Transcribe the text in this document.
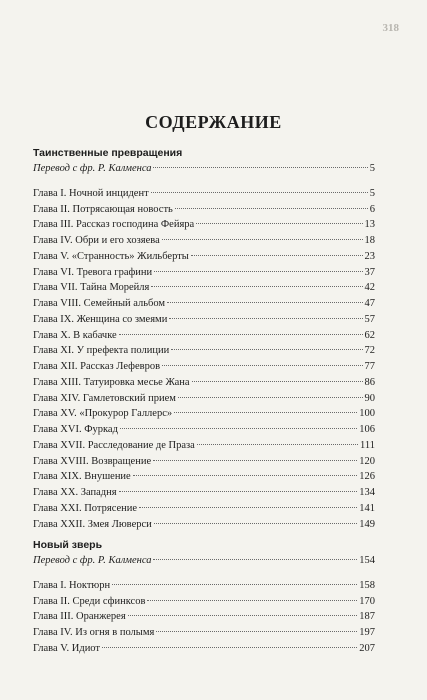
318
СОДЕРЖАНИЕ
Таинственные превращения
Перевод с фр. Р. Калменса	5
Глава I. Ночной инцидент	5
Глава II. Потрясающая новость	6
Глава III. Рассказ господина Фейяра	13
Глава IV. Обри и его хозяева	18
Глава V. «Странность» Жильберты	23
Глава VI. Тревога графини	37
Глава VII. Тайна Морейля	42
Глава VIII. Семейный альбом	47
Глава IX. Женщина со змеями	57
Глава X. В кабачке	62
Глава XI. У префекта полиции	72
Глава XII. Рассказ Лефевров	77
Глава XIII. Татуировка месье Жана	86
Глава XIV. Гамлетовский прием	90
Глава XV. «Прокурор Галлерс»	100
Глава XVI. Фуркад	106
Глава XVII. Расследование де Праза	111
Глава XVIII. Возвращение	120
Глава XIX. Внушение	126
Глава XX. Западня	134
Глава XXI. Потрясение	141
Глава XXII. Змея Люверси	149
Новый зверь
Перевод с фр. Р. Калменса	154
Глава I. Ноктюрн	158
Глава II. Среди сфинксов	170
Глава III. Оранжерея	187
Глава IV. Из огня в полымя	197
Глава V. Идиот	207
